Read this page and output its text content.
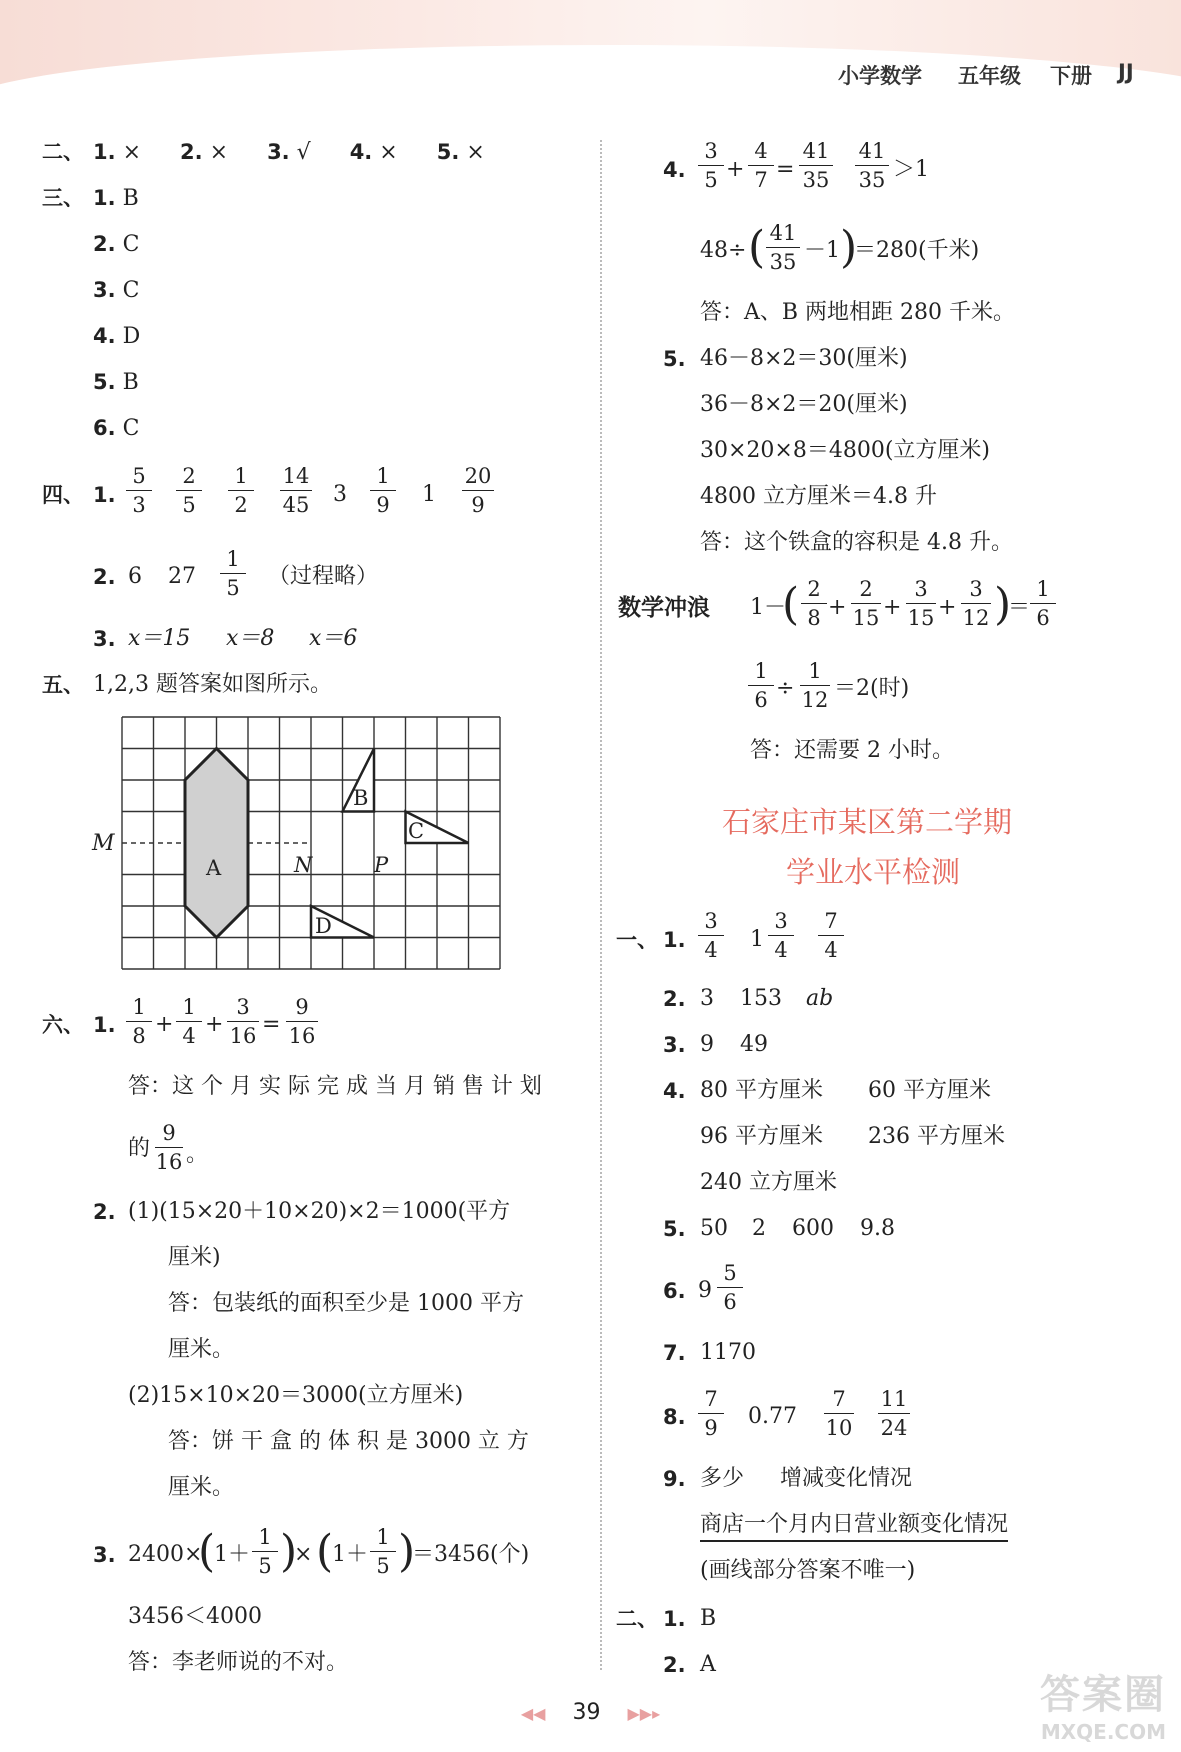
小学数学 五年级 下册 JJ
二、 1. × 2. × 3. √ 4. × 5. ×
三、 1. B
2. C
3. C
4. D
5. B
6. C
四、 1.
5
3
2
5
1
2
14
45	3
1
9	1
20
9
2. 6 27
1
5	（过程略）
3. x＝15 x＝8 x＝6
五、 1,2,3 题答案如图所示。
M
N	P
A
B
C
D
六、 1.
1
8 +
1
4 +
3
16 =
9
16
答：这 个 月 实 际 完 成 当 月 销 售 计 划
的
9
16 。
2. (1)(15×20＋10×20)×2＝1000(平方
厘米)
答：包装纸的面积至少是 1000 平方
厘米。
(2)15×10×20＝3000(立方厘米)
答：饼 干 盒 的 体 积 是 3000 立 方
厘米。
3. 2400×
(
1＋
1
5 )
× (
1＋
1
5 )
＝3456(个)
3456＜4000
答：李老师说的不对。
4.
3
5 +
4
7 =
41
35
41
35 ＞1
48÷ ( 41
35 －1 )
＝280(千米)
答：A、B 两地相距 280 千米。
5. 46－8×2＝30(厘米)
36－8×2＝20(厘米)
30×20×8＝4800(立方厘米)
4800 立方厘米＝4.8 升
答：这个铁盒的容积是 4.8 升。
数学冲浪 1－
( 2
8 +
2
15 +
3
15 +
3
12 )
＝
1
6
1
6 ÷
1
12 ＝2(时)
答：还需要 2 小时。
石家庄市某区第二学期
学业水平检测
一、 1.
3
4	1
3
4
7
4
2. 3 153 ab
3. 9 49
4. 80 平方厘米 60 平方厘米
96 平方厘米 236 平方厘米
240 立方厘米
5. 50 2 600 9.8
6. 9
5
6
7. 1170
8.
7
9	0.77
7
10
11
24
9. 多少 增减变化情况
商店一个月内日营业额变化情况
(画线部分答案不唯一)
二、 1. B
2. A
◀◀ 39 ▶▶▸	答案圈
MXQE.COM
